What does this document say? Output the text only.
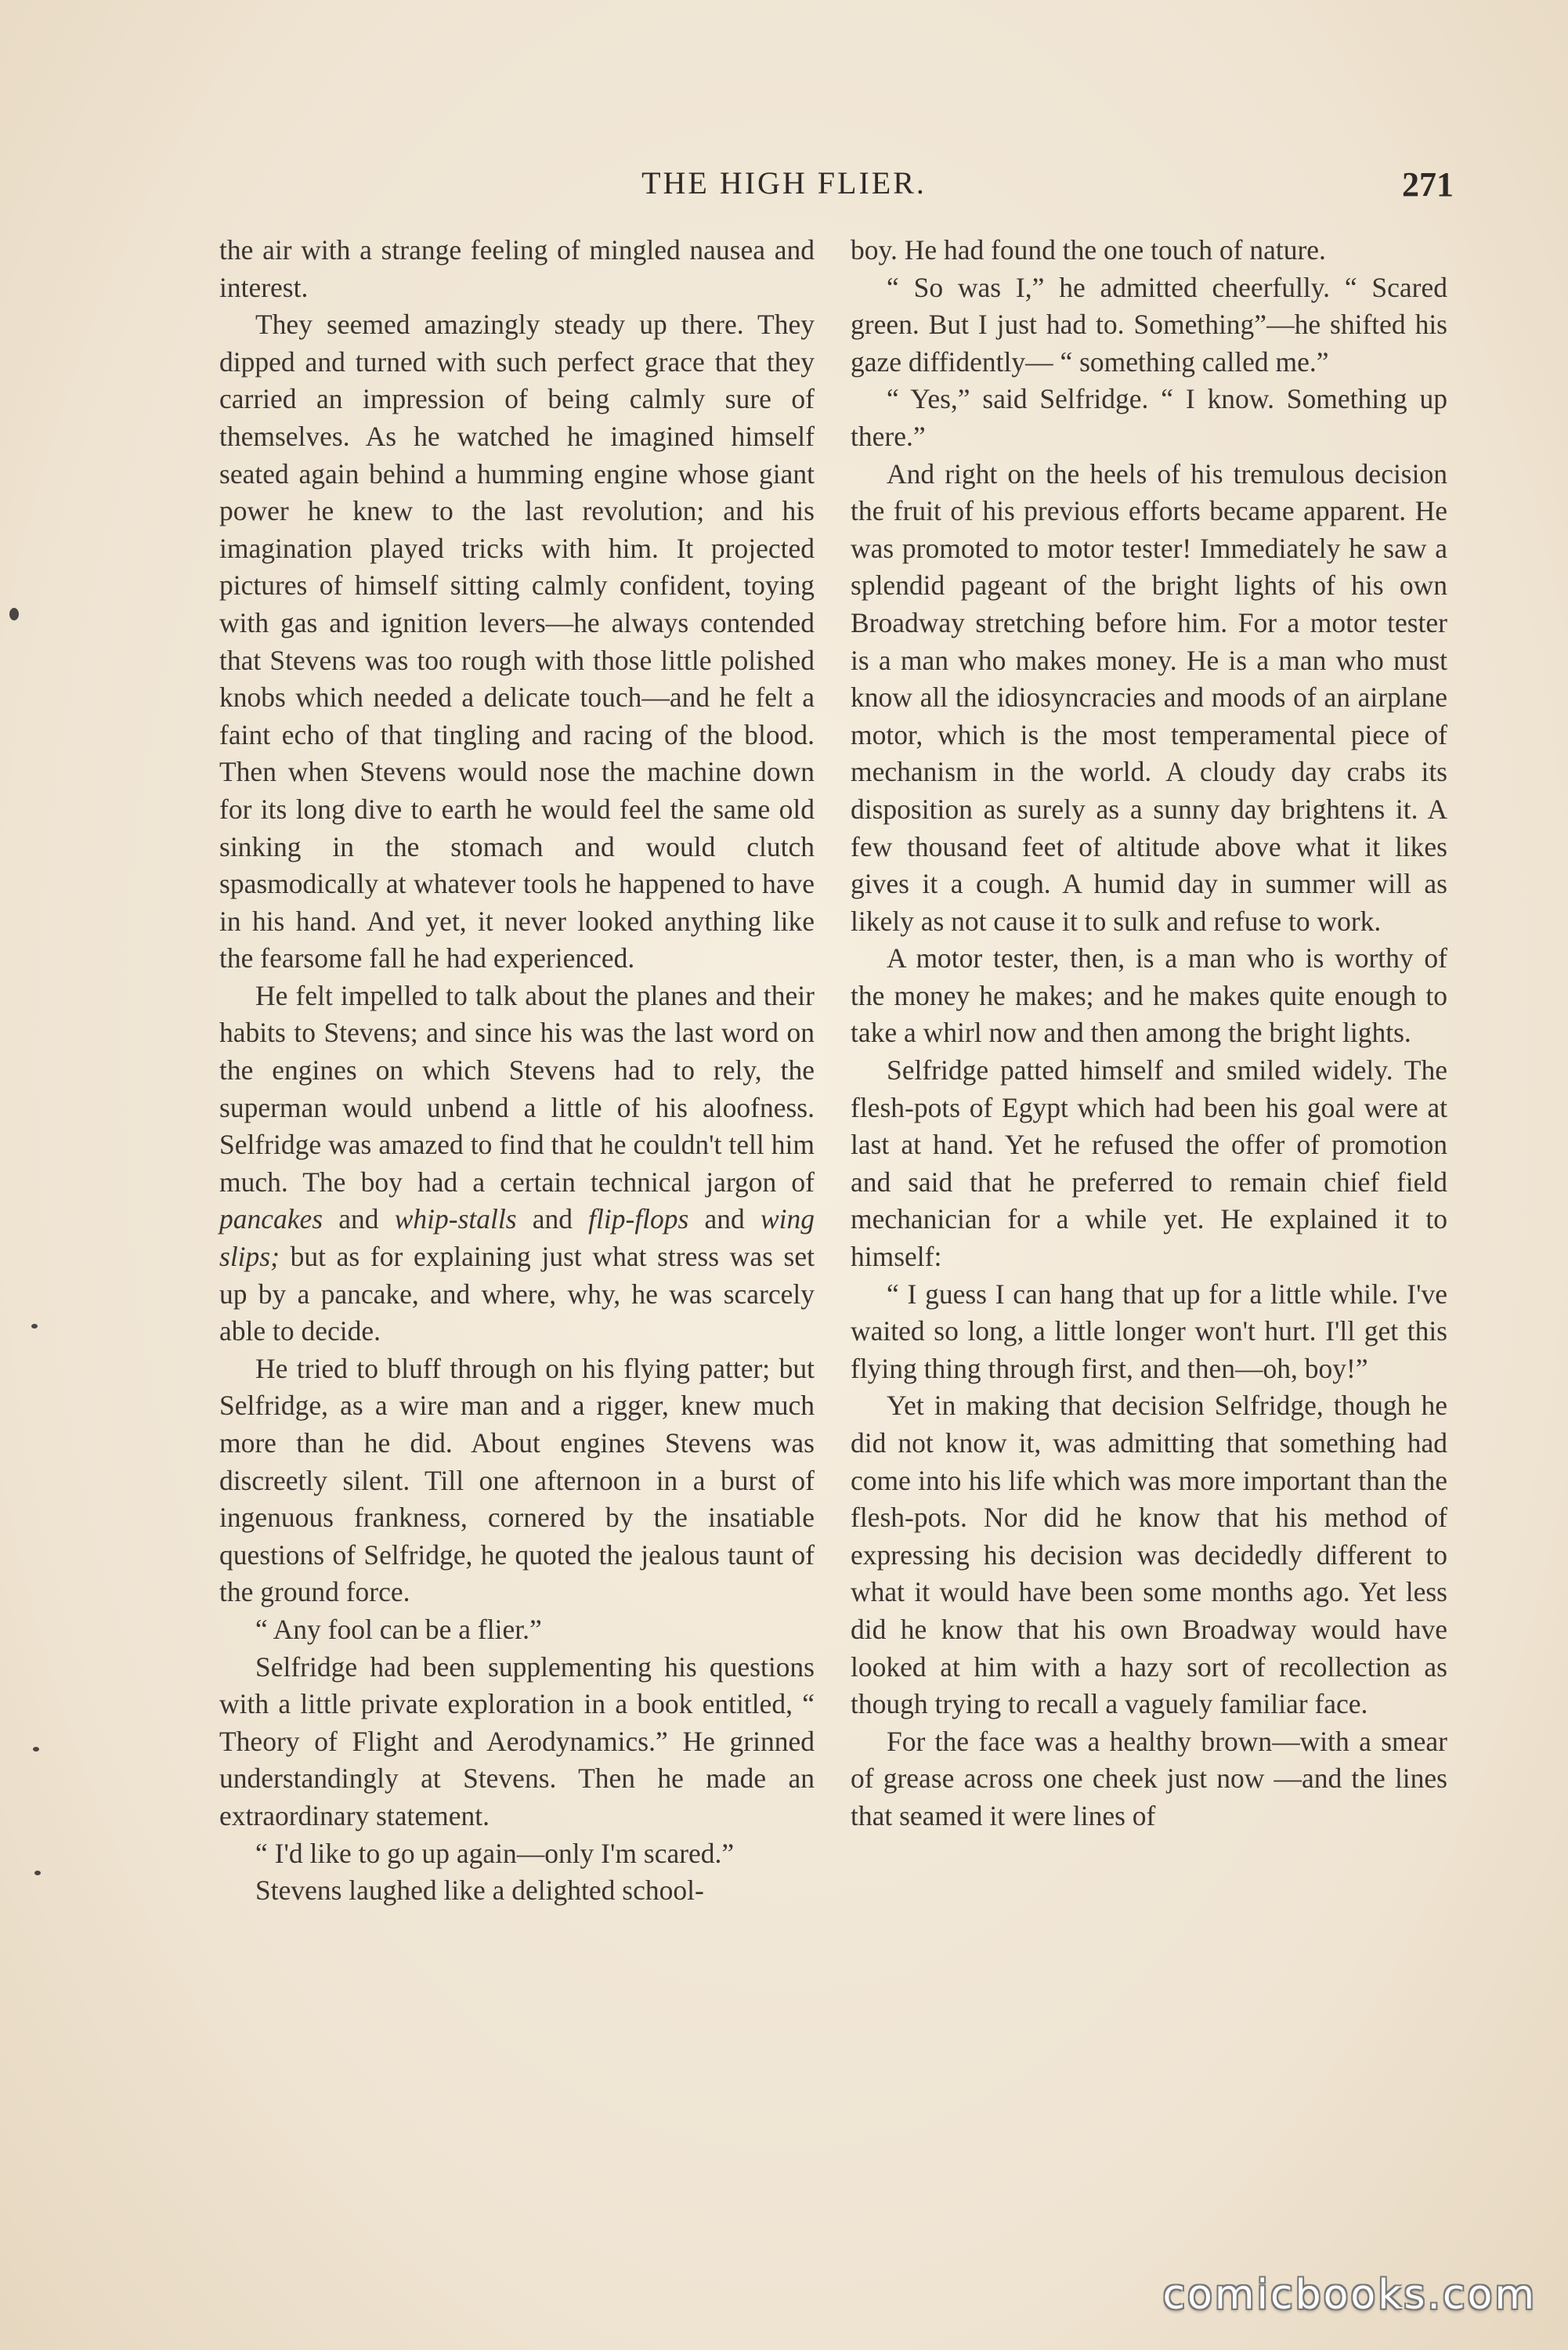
THE HIGH FLIER.	271

the air with a strange feeling of mingled nausea and interest.

They seemed amazingly steady up there. They dipped and turned with such perfect grace that they carried an impression of being calmly sure of themselves. As he watched he imagined himself seated again behind a humming engine whose giant power he knew to the last revolution; and his imagination played tricks with him. It projected pictures of himself sitting calmly confident, toying with gas and ignition levers—he always contended that Stevens was too rough with those little polished knobs which needed a delicate touch—and he felt a faint echo of that tingling and racing of the blood. Then when Stevens would nose the machine down for its long dive to earth he would feel the same old sinking in the stomach and would clutch spasmodically at whatever tools he happened to have in his hand. And yet, it never looked anything like the fearsome fall he had experienced.

He felt impelled to talk about the planes and their habits to Stevens; and since his was the last word on the engines on which Stevens had to rely, the superman would unbend a little of his aloofness. Selfridge was amazed to find that he couldn't tell him much. The boy had a certain technical jargon of pancakes and whip-stalls and flip-flops and wing slips; but as for explaining just what stress was set up by a pancake, and where, why, he was scarcely able to decide.

He tried to bluff through on his flying patter; but Selfridge, as a wire man and a rigger, knew much more than he did. About engines Stevens was discreetly silent. Till one afternoon in a burst of ingenuous frankness, cornered by the insatiable questions of Selfridge, he quoted the jealous taunt of the ground force.

“ Any fool can be a flier.”

Selfridge had been supplementing his questions with a little private exploration in a book entitled, “ Theory of Flight and Aerodynamics.” He grinned understandingly at Stevens. Then he made an extraordinary statement.

“ I'd like to go up again—only I'm scared.”

Stevens laughed like a delighted school-

boy. He had found the one touch of nature.

“ So was I,” he admitted cheerfully. “ Scared green. But I just had to. Something”—he shifted his gaze diffidently— “ something called me.”

“ Yes,” said Selfridge. “ I know. Something up there.”

And right on the heels of his tremulous decision the fruit of his previous efforts became apparent. He was promoted to motor tester! Immediately he saw a splendid pageant of the bright lights of his own Broadway stretching before him. For a motor tester is a man who makes money. He is a man who must know all the idiosyncracies and moods of an airplane motor, which is the most temperamental piece of mechanism in the world. A cloudy day crabs its disposition as surely as a sunny day brightens it. A few thousand feet of altitude above what it likes gives it a cough. A humid day in summer will as likely as not cause it to sulk and refuse to work.

A motor tester, then, is a man who is worthy of the money he makes; and he makes quite enough to take a whirl now and then among the bright lights.

Selfridge patted himself and smiled widely. The flesh-pots of Egypt which had been his goal were at last at hand. Yet he refused the offer of promotion and said that he preferred to remain chief field mechanician for a while yet. He explained it to himself:

“ I guess I can hang that up for a little while. I've waited so long, a little longer won't hurt. I'll get this flying thing through first, and then—oh, boy!”

Yet in making that decision Selfridge, though he did not know it, was admitting that something had come into his life which was more important than the flesh-pots. Nor did he know that his method of expressing his decision was decidedly different to what it would have been some months ago. Yet less did he know that his own Broadway would have looked at him with a hazy sort of recollection as though trying to recall a vaguely familiar face.

For the face was a healthy brown—with a smear of grease across one cheek just now —and the lines that seamed it were lines of

comicbooks.com
